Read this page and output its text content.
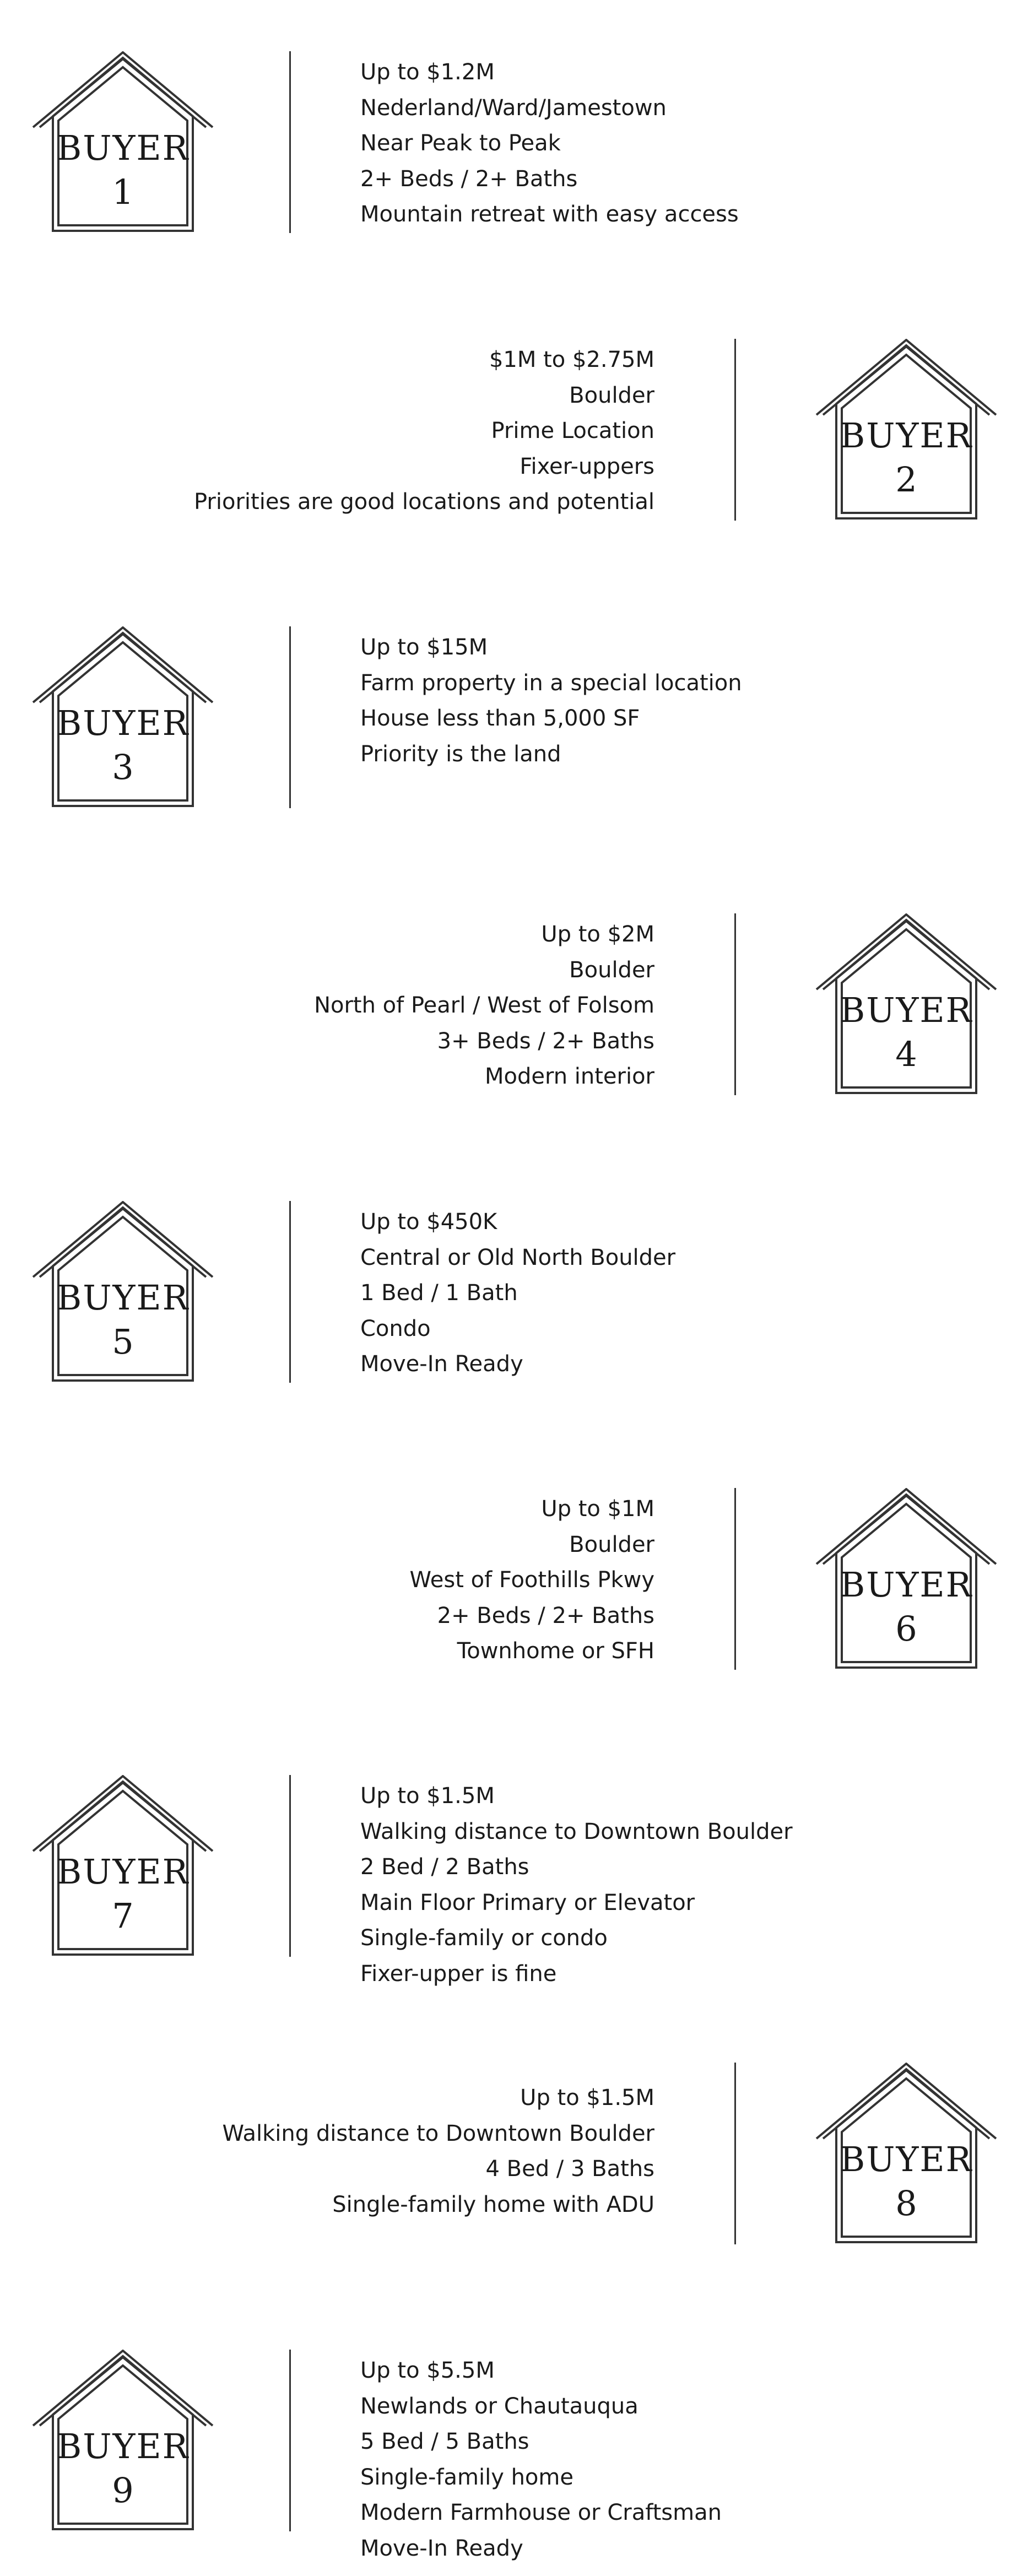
BUYER
1
Up to $1.2M
Nederland/Ward/Jamestown
Near Peak to Peak
2+ Beds / 2+ Baths
Mountain retreat with easy access
$1M to $2.75M
Boulder
Prime Location
Fixer-uppers
Priorities are good locations and potential
BUYER
2
BUYER
3
Up to $15M
Farm property in a special location
House less than 5,000 SF
Priority is the land
Up to $2M
Boulder
North of Pearl / West of Folsom
3+ Beds / 2+ Baths
Modern interior
BUYER
4
BUYER
5
Up to $450K
Central or Old North Boulder
1 Bed / 1 Bath
Condo
Move-In Ready
Up to $1M
Boulder
West of Foothills Pkwy
2+ Beds / 2+ Baths
Townhome or SFH
BUYER
6
BUYER
7
Up to $1.5M
Walking distance to Downtown Boulder
2 Bed / 2 Baths
Main Floor Primary or Elevator
Single-family or condo
Fixer-upper is fine
Up to $1.5M
Walking distance to Downtown Boulder
4 Bed / 3 Baths
Single-family home with ADU
BUYER
8
BUYER
9
Up to $5.5M
Newlands or Chautauqua
5 Bed / 5 Baths
Single-family home
Modern Farmhouse or Craftsman
Move-In Ready
